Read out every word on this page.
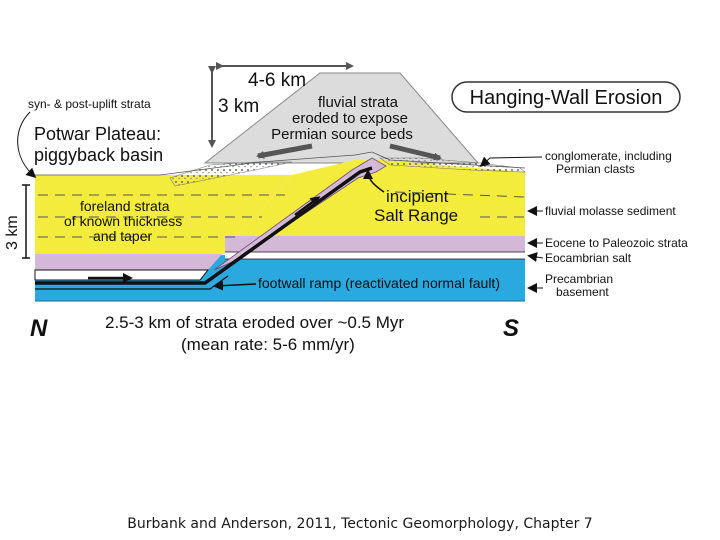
Hanging-Wall Erosion
4-6 km
3 km	fluvial strata
eroded to expose
Permian source beds
syn- & post-uplift strata
Potwar Plateau:
piggyback basin
3 km
foreland strata
of known thickness
and taper
incipient
Salt Range
footwall ramp (reactivated normal fault)
N	S
2.5-3 km of strata eroded over ~0.5 Myr
(mean rate: 5-6 mm/yr)
conglomerate, including
Permian clasts
fluvial molasse sediment
Eocene to Paleozoic strata
Eocambrian salt
Precambrian
basement
Burbank and Anderson, 2011, Tectonic Geomorphology, Chapter 7
